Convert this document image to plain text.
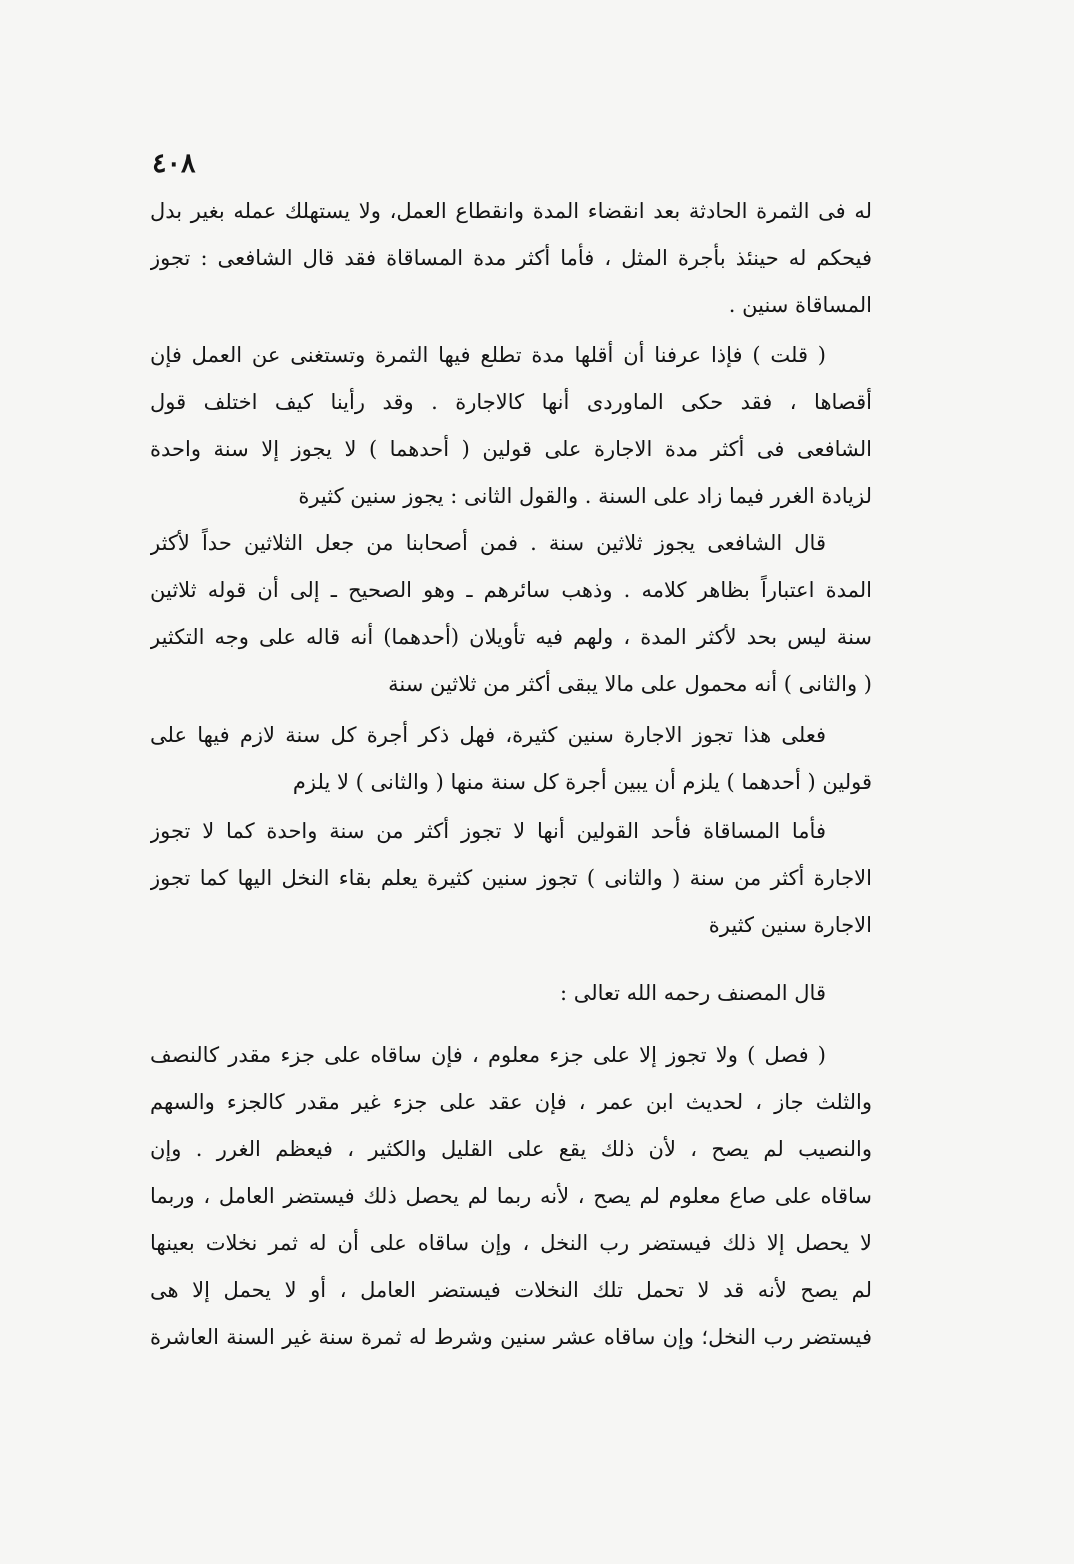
٤٠٨
له فى الثمرة الحادثة بعد انقضاء المدة وانقطاع العمل، ولا يستهلك عمله بغير بدل
فيحكم له حينئذ بأجرة المثل ، فأما أكثر مدة المساقاة فقد قال الشافعى : تجوز
المساقاة سنين .
( قلت ) فإذا عرفنا أن أقلها مدة تطلع فيها الثمرة وتستغنى عن العمل فإن
أقصاها ، فقد حكى الماوردى أنها كالاجارة . وقد رأينا كيف اختلف قول
الشافعى فى أكثر مدة الاجارة على قولين ( أحدهما ) لا يجوز إلا سنة واحدة
لزيادة الغرر فيما زاد على السنة . والقول الثانى : يجوز سنين كثيرة
قال الشافعى يجوز ثلاثين سنة . فمن أصحابنا من جعل الثلاثين حداً لأكثر
المدة اعتباراً بظاهر كلامه . وذهب سائرهم ـ وهو الصحيح ـ إلى أن قوله ثلاثين
سنة ليس بحد لأكثر المدة ، ولهم فيه تأويلان (أحدهما) أنه قاله على وجه التكثير
( والثانى ) أنه محمول على مالا يبقى أكثر من ثلاثين سنة
فعلى هذا تجوز الاجارة سنين كثيرة، فهل ذكر أجرة كل سنة لازم فيها على
قولين ( أحدهما ) يلزم أن يبين أجرة كل سنة منها ( والثانى ) لا يلزم
فأما المساقاة فأحد القولين أنها لا تجوز أكثر من سنة واحدة كما لا تجوز
الاجارة أكثر من سنة ( والثانى ) تجوز سنين كثيرة يعلم بقاء النخل اليها كما تجوز
الاجارة سنين كثيرة
قال المصنف رحمه الله تعالى :
( فصل ) ولا تجوز إلا على جزء معلوم ، فإن ساقاه على جزء مقدر كالنصف
والثلث جاز ، لحديث ابن عمر ، فإن عقد على جزء غير مقدر كالجزء والسهم
والنصيب لم يصح ، لأن ذلك يقع على القليل والكثير ، فيعظم الغرر . وإن
ساقاه على صاع معلوم لم يصح ، لأنه ربما لم يحصل ذلك فيستضر العامل ، وربما
لا يحصل إلا ذلك فيستضر رب النخل ، وإن ساقاه على أن له ثمر نخلات بعينها
لم يصح لأنه قد لا تحمل تلك النخلات فيستضر العامل ، أو لا يحمل إلا هى
فيستضر رب النخل؛ وإن ساقاه عشر سنين وشرط له ثمرة سنة غير السنة العاشرة
